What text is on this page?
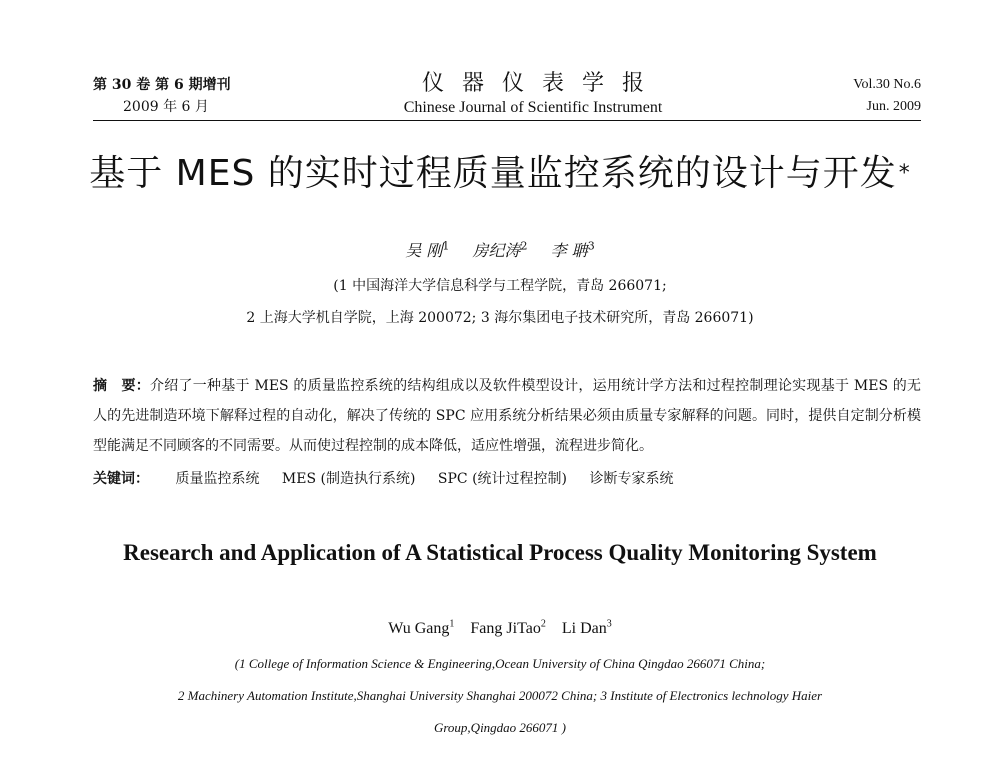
第 30 卷 第 6 期增刊
2009 年 6 月
仪器仪表学报
Chinese Journal of Scientific Instrument
Vol.30 No.6
Jun. 2009
基于 MES 的实时过程质量监控系统的设计与开发*
吴 刚$^1$ 房纪涛$^2$ 李 聃$^3$
(1 中国海洋大学信息科学与工程学院，青岛 266071;
2 上海大学机自学院，上海 200072; 3 海尔集团电子技术研究所，青岛 266071)
摘　要：介绍了一种基于 MES 的质量监控系统的结构组成以及软件模型设计，运用统计学方法和过程控制理论实现基于 MES 的无人的先进制造环境下解释过程的自动化，解决了传统的 SPC 应用系统分析结果必须由质量专家解释的问题。同时，提供自定制分析模型能满足不同顾客的不同需要。从而使过程控制的成本降低，适应性增强，流程进步简化。
关键词： 质量监控系统 MES (制造执行系统) SPC (统计过程控制) 诊断专家系统
Research and Application of A Statistical Process Quality Monitoring System
Wu Gang$^1$ Fang JiTao$^2$ Li Dan$^3$
(1 College of Information Science & Engineering,Ocean University of China Qingdao 266071 China;
2 Machinery Automation Institute,Shanghai University Shanghai 200072 China; 3 Institute of Electronics lechnology Haier
Group,Qingdao 266071 )
